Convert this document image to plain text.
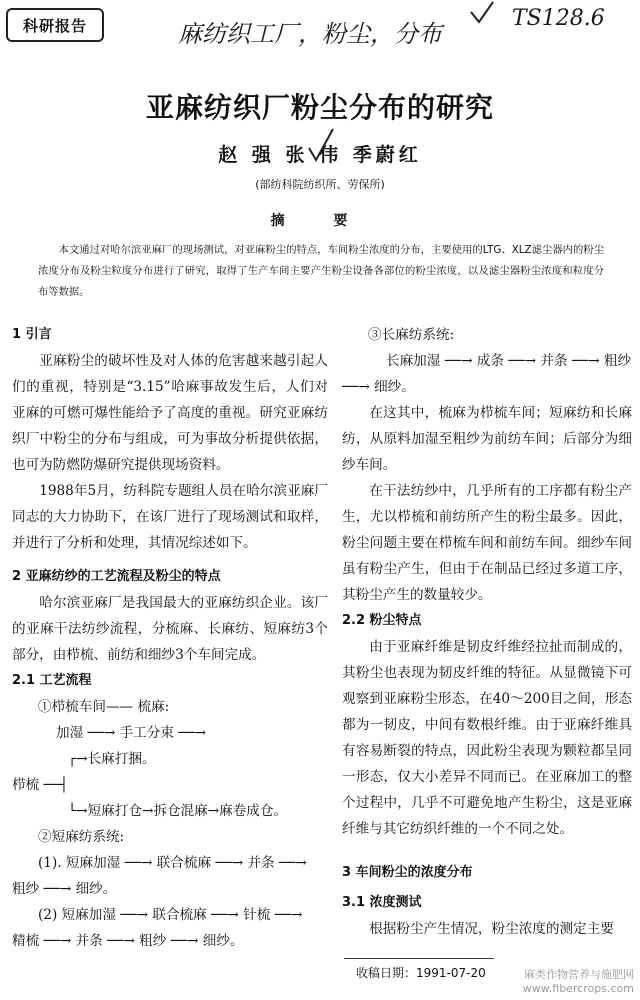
科研报告	麻纺织工厂，粉尘，分布
TS128.6
亚麻纺织厂粉尘分布的研究
赵 强 张 伟 季蔚红
(部纺科院纺织所、劳保所)
摘 要
本文通过对哈尔滨亚麻厂的现场测试，对亚麻粉尘的特点，车间粉尘浓度的分布，主要使用的LTG、XLZ滤尘器内的粉尘浓度分布及粉尘粒度分布进行了研究，取得了生产车间主要产生粉尘设备各部位的粉尘浓度，以及滤尘器粉尘浓度和粒度分布等数据。
1 引言

亚麻粉尘的破坏性及对人体的危害越来越引起人们的重视，特别是“3.15”哈麻事故发生后，人们对亚麻的可燃可爆性能给予了高度的重视。研究亚麻纺织厂中粉尘的分布与组成，可为事故分析提供依据，也可为防燃防爆研究提供现场资料。

1988年5月，纺科院专题组人员在哈尔滨亚麻厂同志的大力协助下，在该厂进行了现场测试和取样，并进行了分析和处理，其情况综述如下。

2 亚麻纺纱的工艺流程及粉尘的特点

哈尔滨亚麻厂是我国最大的亚麻纺织企业。该厂的亚麻干法纺纱流程，分梳麻、长麻纺、短麻纺3个部分，由栉梳、前纺和细纱3个车间完成。

2.1 工艺流程
①栉梳车间—— 梳麻:
加湿 ──→ 手工分束 ──→
┌→长麻打捆。
栉梳 ──┤
└→短麻打仓→拆仓混麻→麻卷成仓。
②短麻纺系统:
(1). 短麻加湿 ──→ 联合梳麻 ──→ 并条 ──→
粗纱 ──→ 细纱。
(2) 短麻加湿 ──→ 联合梳麻 ──→ 针梳 ──→
精梳 ──→ 并条 ──→ 粗纱 ──→ 细纱。
③长麻纺系统:
长麻加湿 ──→ 成条 ──→ 并条 ──→ 粗纱
──→ 细纱。

在这其中，梳麻为栉梳车间；短麻纺和长麻纺，从原料加湿至粗纱为前纺车间；后部分为细纱车间。

在干法纺纱中，几乎所有的工序都有粉尘产生，尤以栉梳和前纺所产生的粉尘最多。因此，粉尘问题主要在栉梳车间和前纺车间。细纱车间虽有粉尘产生，但由于在制品已经过多道工序，其粉尘产生的数量较少。

2.2 粉尘特点

由于亚麻纤维是韧皮纤维经拉扯而制成的，其粉尘也表现为韧皮纤维的特征。从显微镜下可观察到亚麻粉尘形态，在40～200目之间，形态都为一韧皮，中间有数根纤维。由于亚麻纤维具有容易断裂的特点，因此粉尘表现为颗粒都呈同一形态，仅大小差异不同而已。在亚麻加工的整个过程中，几乎不可避免地产生粉尘，这是亚麻纤维与其它纺织纤维的一个不同之处。

3 车间粉尘的浓度分布
3.1 浓度测试

根据粉尘产生情况，粉尘浓度的测定主要

收稿日期：1991-07-20	麻类作物营养与施肥网
www.fibercrops.com
